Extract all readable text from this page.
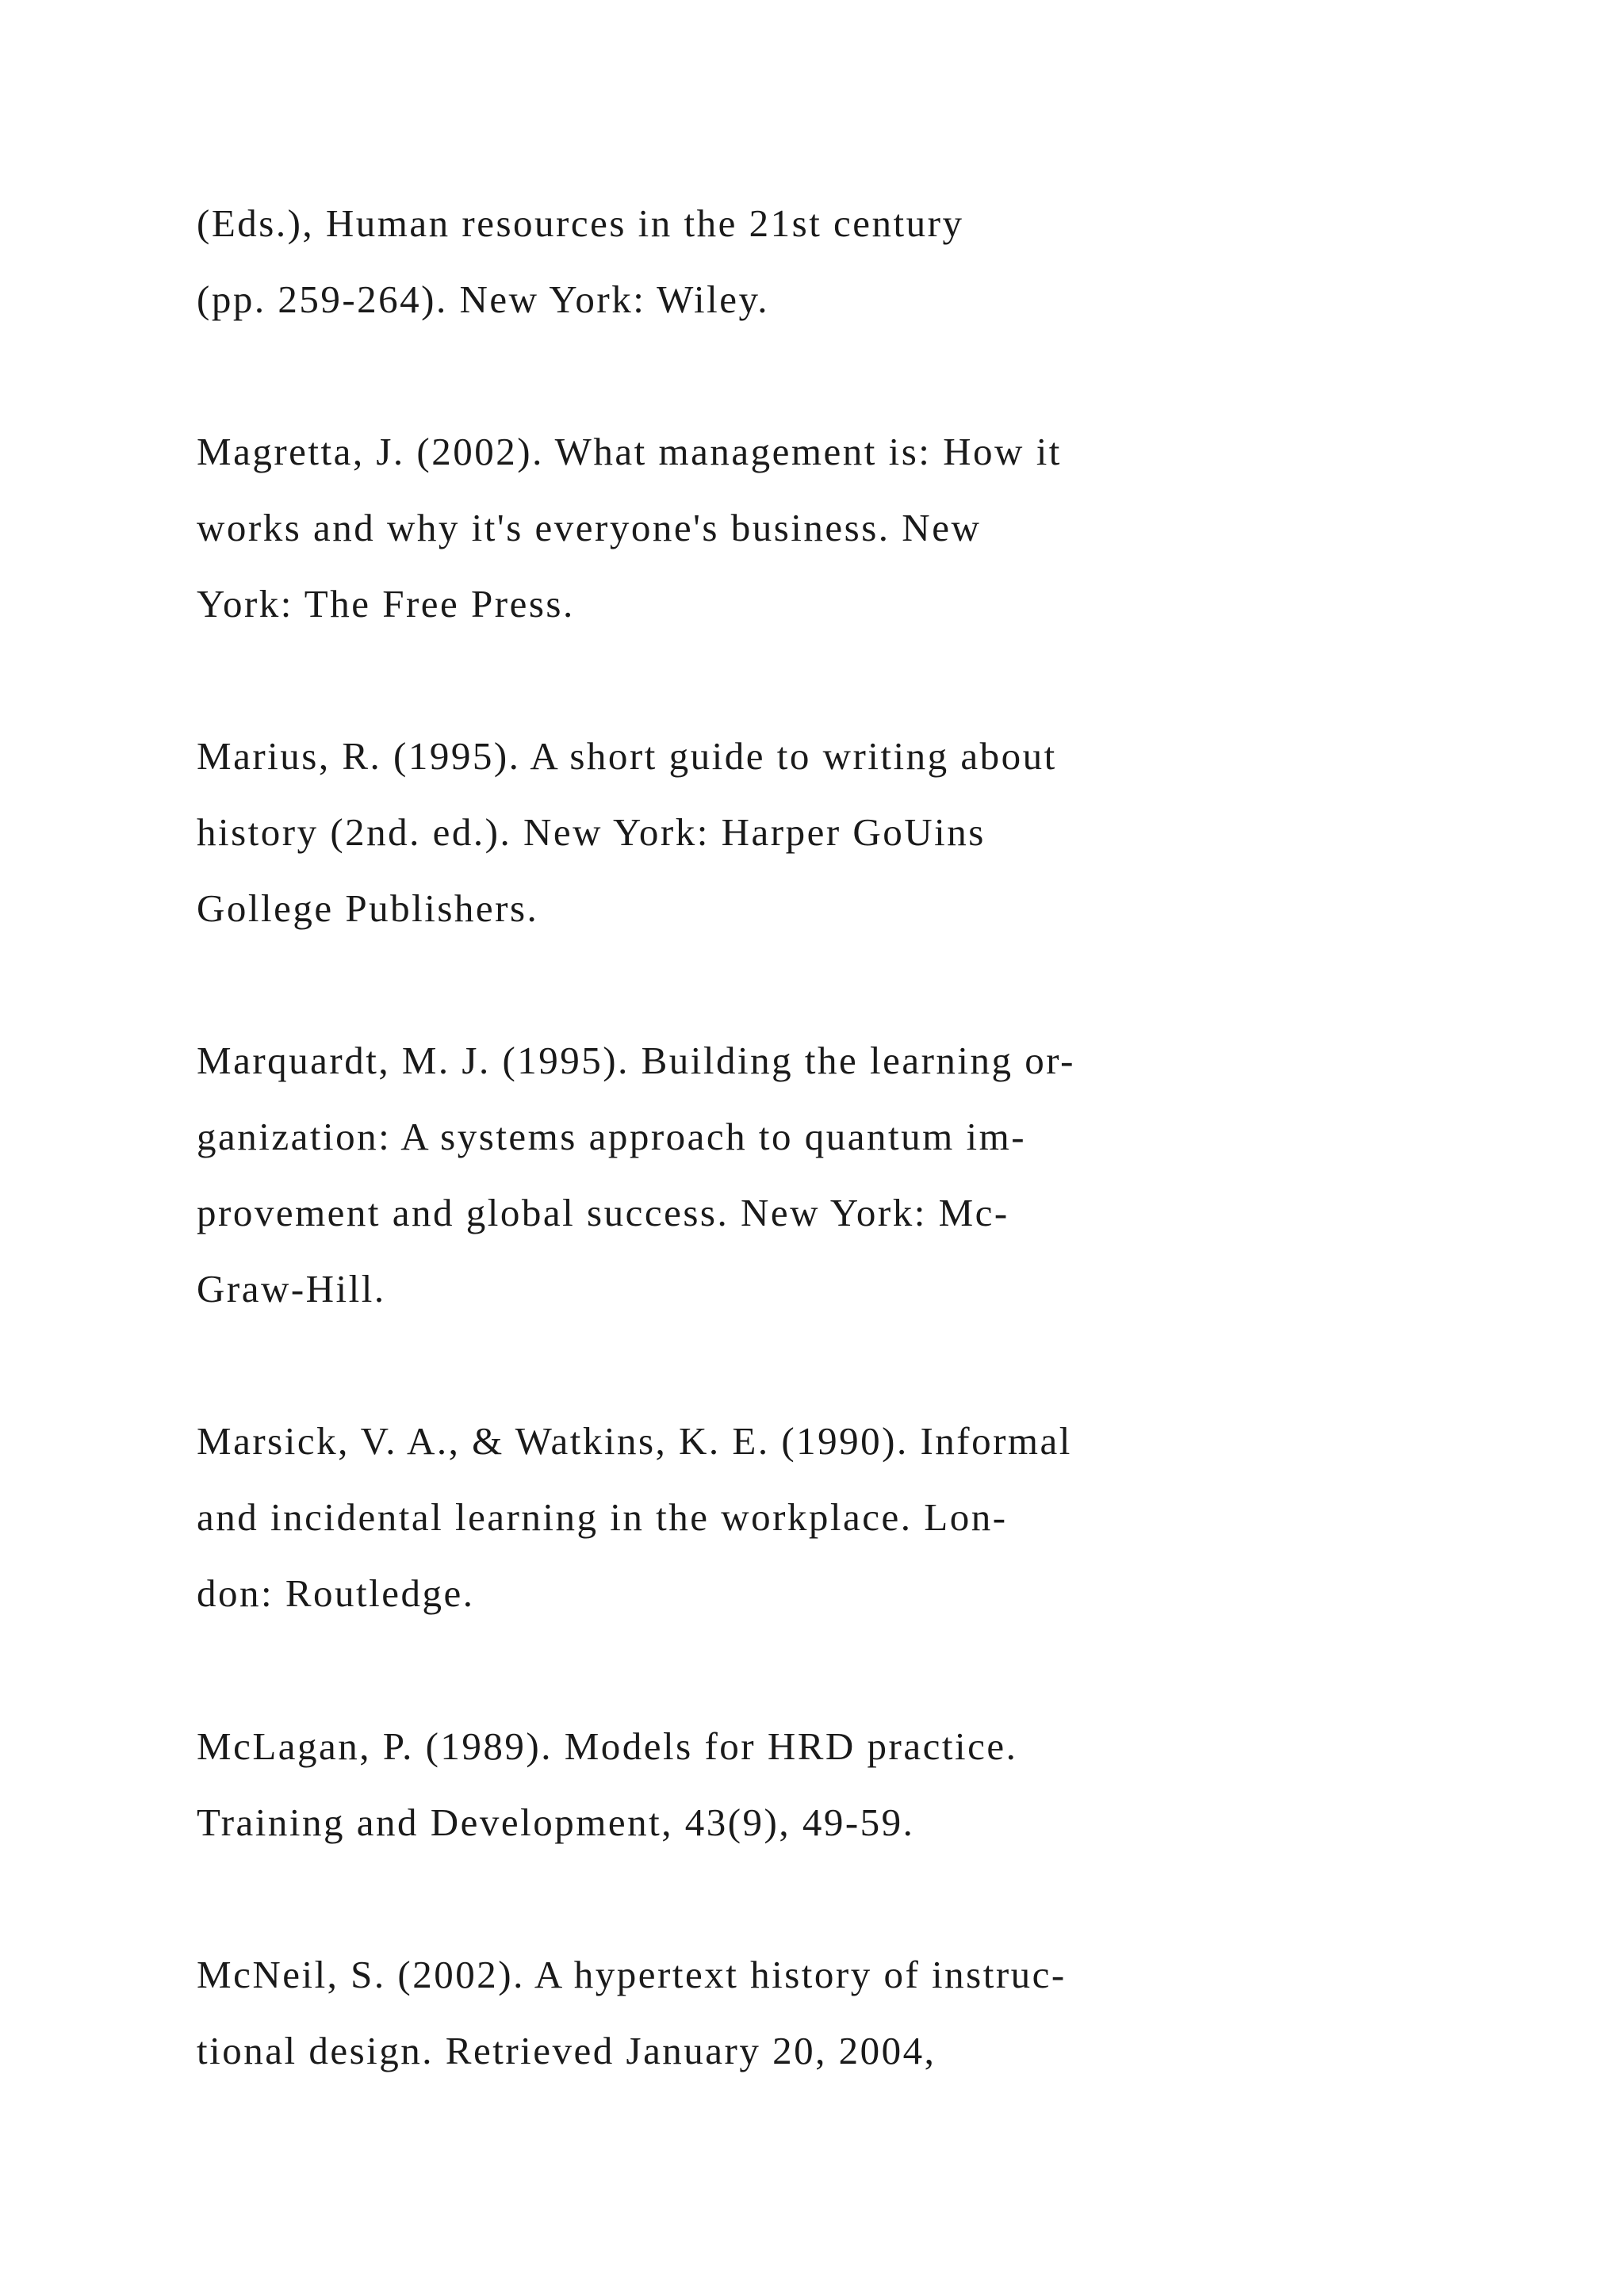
(Eds.), Human resources in the 21st century
(pp. 259-264). New York: Wiley.

Magretta, J. (2002). What management is: How it
works and why it's everyone's business. New
York: The Free Press.

Marius, R. (1995). A short guide to writing about
history (2nd. ed.). New York: Harper GoUins
Gollege Publishers.

Marquardt, M. J. (1995). Building the learning or-
ganization: A systems approach to quantum im-
provement and global success. New York: Mc-
Graw-Hill.

Marsick, V. A., & Watkins, K. E. (1990). Informal
and incidental learning in the workplace. Lon-
don: Routledge.

McLagan, P. (1989). Models for HRD practice.
Training and Development, 43(9), 49-59.

McNeil, S. (2002). A hypertext history of instruc-
tional design. Retrieved January 20, 2004,
